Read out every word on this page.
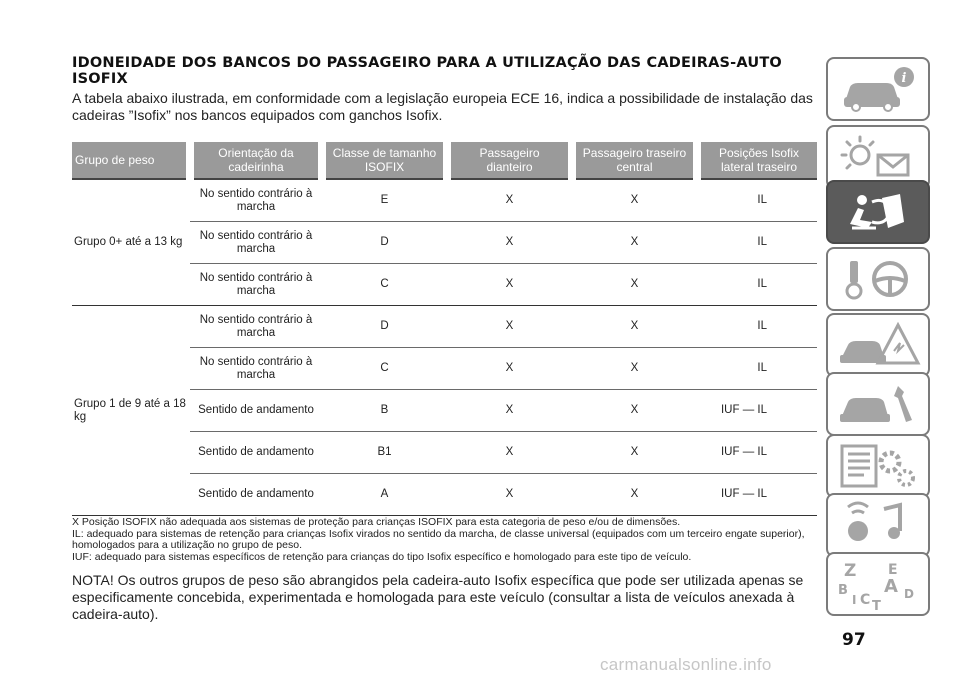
IDONEIDADE DOS BANCOS DO PASSAGEIRO PARA A UTILIZAÇÃO DAS CADEIRAS-AUTO ISOFIX
A tabela abaixo ilustrada, em conformidade com a legislação europeia ECE 16, indica a possibilidade de instalação das cadeiras ”Isofix” nos bancos equipados com ganchos Isofix.
Grupo de peso	Orientação da cadeirinha	Classe de tamanho ISOFIX	Passageiro dianteiro	Passageiro traseiro central	Posições Isofix lateral traseiro
Grupo 0+ até a 13 kg	No sentido contrário à marcha	E	X	X	IL
	No sentido contrário à marcha	D	X	X	IL
	No sentido contrário à marcha	C	X	X	IL
Grupo 1 de 9 até a 18 kg	No sentido contrário à marcha	D	X	X	IL
	No sentido contrário à marcha	C	X	X	IL
	Sentido de andamento	B	X	X	IUF — IL
	Sentido de andamento	B1	X	X	IUF — IL
	Sentido de andamento	A	X	X	IUF — IL

X Posição ISOFIX não adequada aos sistemas de proteção para crianças ISOFIX para esta categoria de peso e/ou de dimensões.

IL: adequado para sistemas de retenção para crianças Isofix virados no sentido da marcha, de classe universal (equipados com um terceiro engate superior), homologados para a utilização no grupo de peso.

IUF: adequado para sistemas específicos de retenção para crianças do tipo Isofix específico e homologado para este tipo de veículo.

NOTA! Os outros grupos de peso são abrangidos pela cadeira-auto Isofix específica que pode ser utilizada apenas se especificamente concebida, experimentada e homologada para este veículo (consultar a lista de veículos anexada à cadeira-auto).
97
carmanualsonline.info
i
Z E
A
B	D
I C T
